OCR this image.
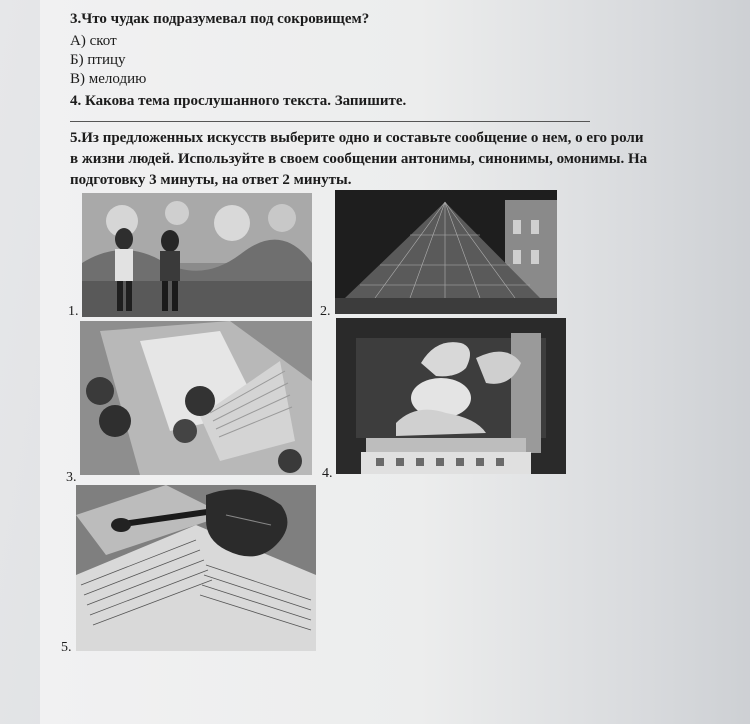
3.Что чудак подразумевал под сокровищем?
А) скот
Б) птицу
В) мелодию
4. Какова тема прослушанного текста. Запишите.
5.Из предложенных искусств выберите одно и составьте сообщение о нем, о его роли
в жизни людей. Используйте в своем сообщении антонимы, синонимы, омонимы. На
подготовку 3 минуты, на ответ 2 минуты.
1.	2.
3.	4.
5.
